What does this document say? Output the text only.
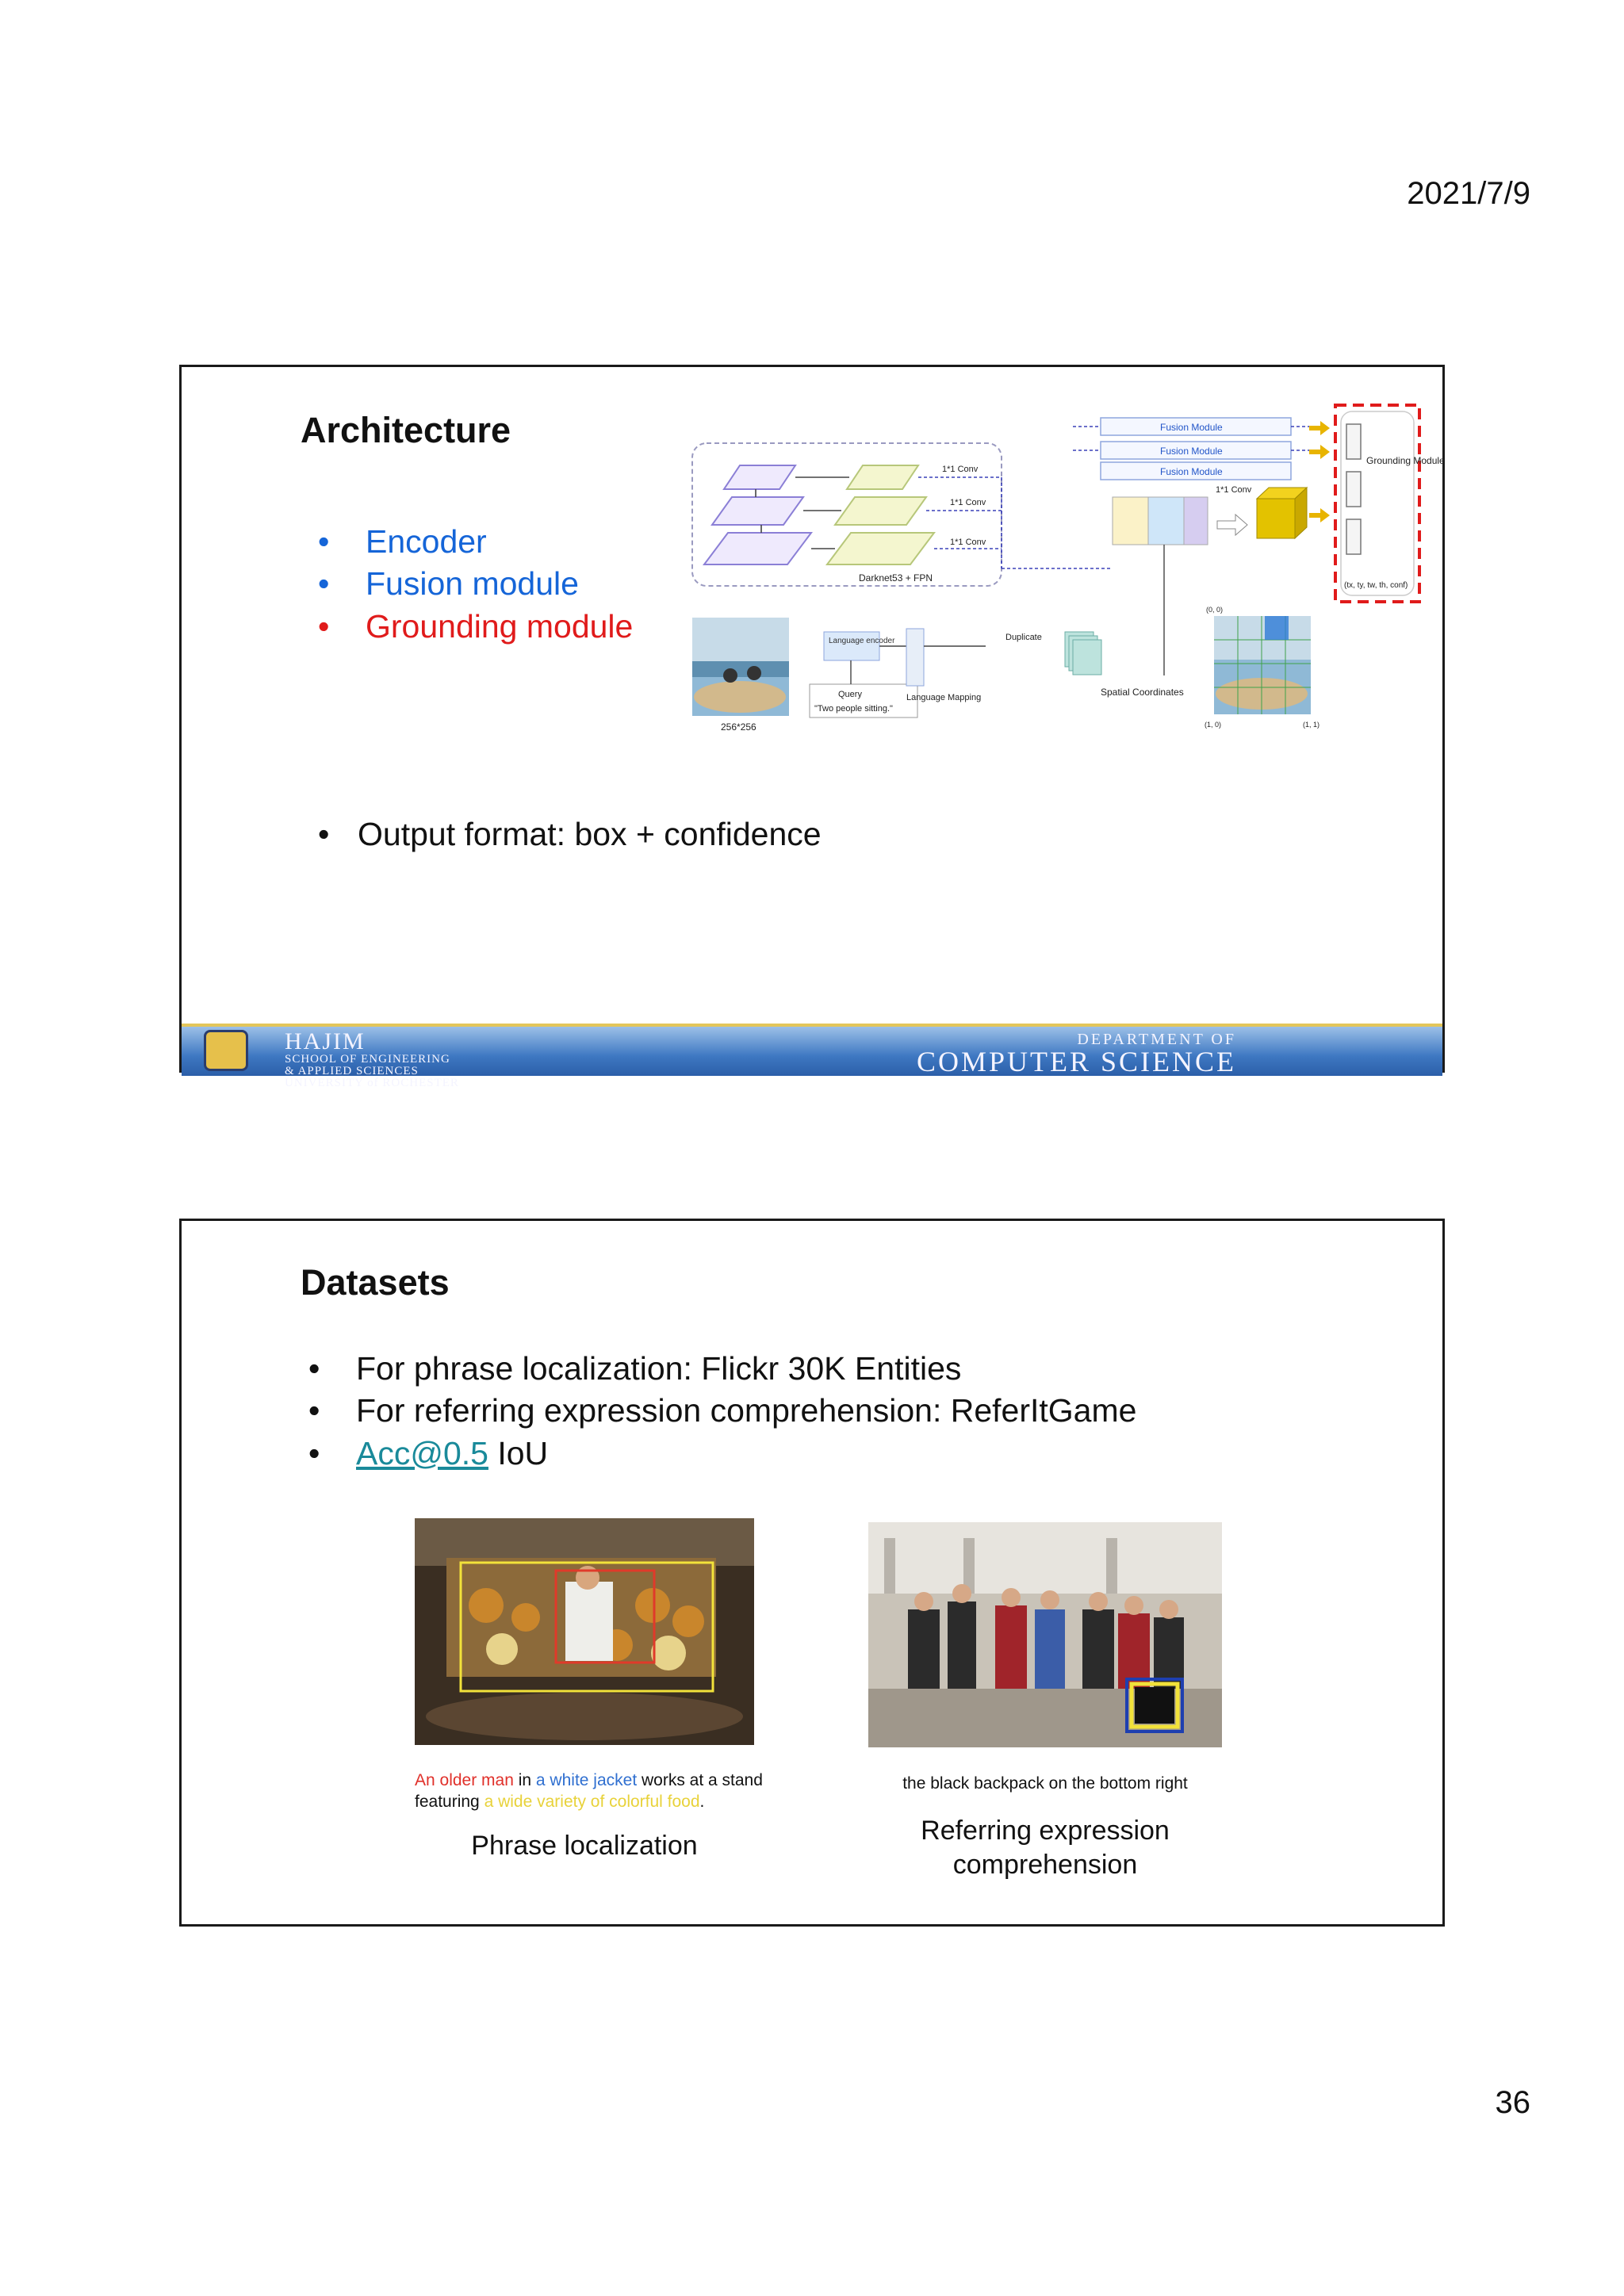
2021/7/9
Architecture
• Encoder
• Fusion module
• Grounding module
1*1 Conv
1*1 Conv
1*1 Conv
Darknet53 + FPN
Fusion Module
Fusion Module
Fusion Module
1*1 Conv
Grounding Module
(tx, ty, tw, th, conf)
256*256
Language encoder
Query
"Two people sitting."
Language Mapping
Duplicate
Spatial Coordinates
(0, 0)
(1, 0)	(1, 1)
• Output format: box + confidence
HAJIM
SCHOOL OF ENGINEERING
& APPLIED SCIENCES
UNIVERSITY of ROCHESTER
DEPARTMENT OF
COMPUTER SCIENCE
Datasets
• For phrase localization: Flickr 30K Entities
• For referring expression comprehension: ReferItGame
• Acc@0.5 IoU
An older man in a white jacket works at a stand
featuring a wide variety of colorful food.
the black backpack on the bottom right
Phrase localization	Referring expression
comprehension
36
